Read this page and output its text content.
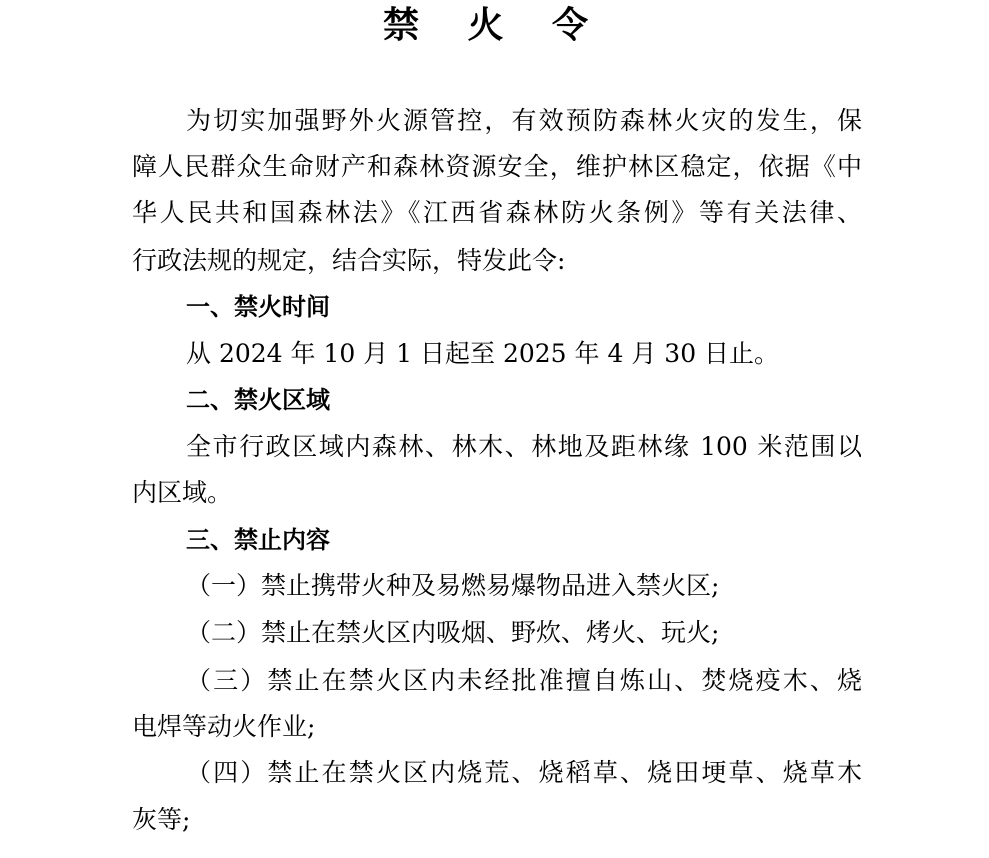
禁 火 令
为切实加强野外火源管控，有效预防森林火灾的发生，保
障人民群众生命财产和森林资源安全，维护林区稳定，依据《中
华人民共和国森林法》《江西省森林防火条例》等有关法律、
行政法规的规定，结合实际，特发此令:
一、禁火时间
从 2024 年 10 月 1 日起至 2025 年 4 月 30 日止。
二、禁火区域
全市行政区域内森林、林木、林地及距林缘 100 米范围以
内区域。
三、禁止内容
（一）禁止携带火种及易燃易爆物品进入禁火区;
（二）禁止在禁火区内吸烟、野炊、烤火、玩火;
（三）禁止在禁火区内未经批准擅自炼山、焚烧疫木、烧
电焊等动火作业;
（四）禁止在禁火区内烧荒、烧稻草、烧田埂草、烧草木
灰等;
